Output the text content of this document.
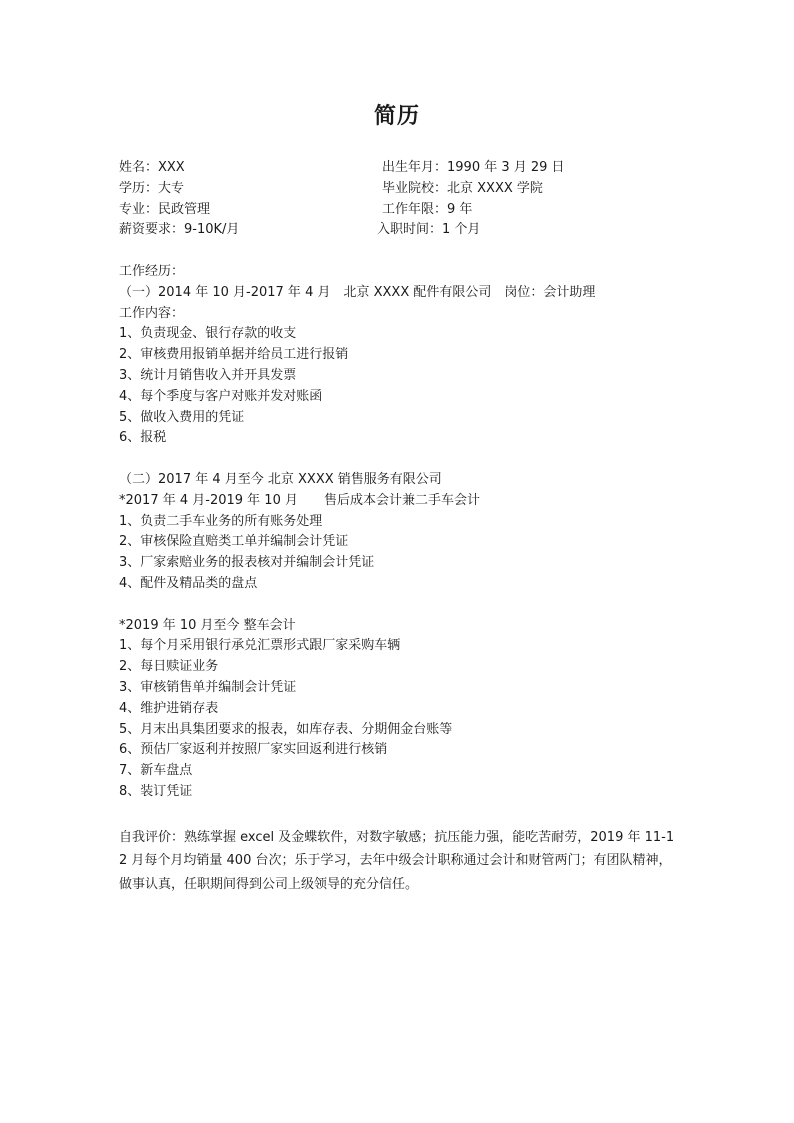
简历
姓名：XXX	出生年月：1990 年 3 月 29 日
学历：大专	毕业院校：北京 XXXX 学院
专业：民政管理	工作年限：9 年
薪资要求：9-10K/月	入职时间：1 个月
工作经历：
（一）2014 年 10 月-2017 年 4 月　北京 XXXX 配件有限公司　岗位：会计助理
工作内容：
1、负责现金、银行存款的收支
2、审核费用报销单据并给员工进行报销
3、统计月销售收入并开具发票
4、每个季度与客户对账并发对账函
5、做收入费用的凭证
6、报税
（二）2017 年 4 月至今 北京 XXXX 销售服务有限公司
*2017 年 4 月-2019 年 10 月　　售后成本会计兼二手车会计
1、负责二手车业务的所有账务处理
2、审核保险直赔类工单并编制会计凭证
3、厂家索赔业务的报表核对并编制会计凭证
4、配件及精品类的盘点
*2019 年 10 月至今 整车会计
1、每个月采用银行承兑汇票形式跟厂家采购车辆
2、每日赎证业务
3、审核销售单并编制会计凭证
4、维护进销存表
5、月末出具集团要求的报表，如库存表、分期佣金台账等
6、预估厂家返利并按照厂家实回返利进行核销
7、新车盘点
8、装订凭证
自我评价：熟练掌握 excel 及金蝶软件，对数字敏感；抗压能力强，能吃苦耐劳，2019 年 11-12 月每个月均销量 400 台次；乐于学习，去年中级会计职称通过会计和财管两门；有团队精神，做事认真，任职期间得到公司上级领导的充分信任。
